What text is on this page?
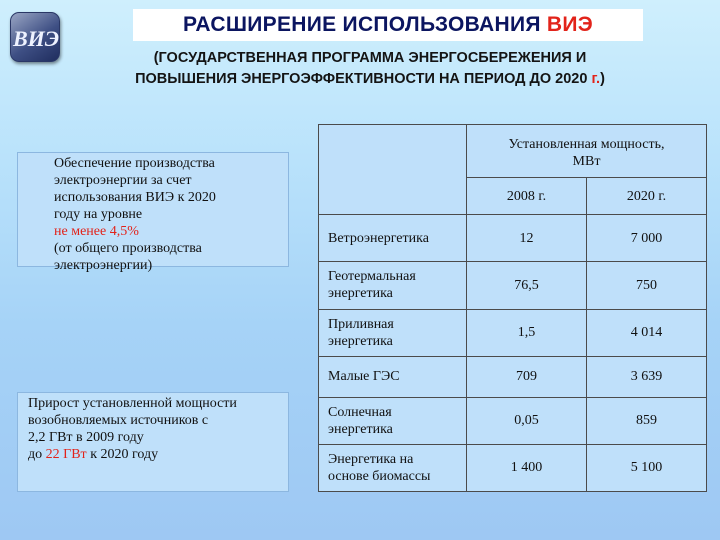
ВИЭ
РАСШИРЕНИЕ ИСПОЛЬЗОВАНИЯ ВИЭ
(ГОСУДАРСТВЕННАЯ ПРОГРАММА ЭНЕРГОСБЕРЕЖЕНИЯ И
ПОВЫШЕНИЯ ЭНЕРГОЭФФЕКТИВНОСТИ НА ПЕРИОД ДО 2020 г.)

Обеспечение производства

электроэнергии за счет

использования ВИЭ к 2020

году на уровне

не менее 4,5%

(от общего производства

электроэнергии)

Прирост установленной мощности

возобновляемых источников с

2,2 ГВт в 2009 году

до 22 ГВт к 2020 году

	Установленная мощность,
МВт	

	2008 г.	2020 г.

Ветроэнергетика	12	7 000

Геотермальная
энергетика	76,5	750

Приливная
энергетика	1,5	4 014

Малые ГЭС	709	3 639

Солнечная
энергетика	0,05	859

Энергетика на
основе биомассы	1 400	5 100
